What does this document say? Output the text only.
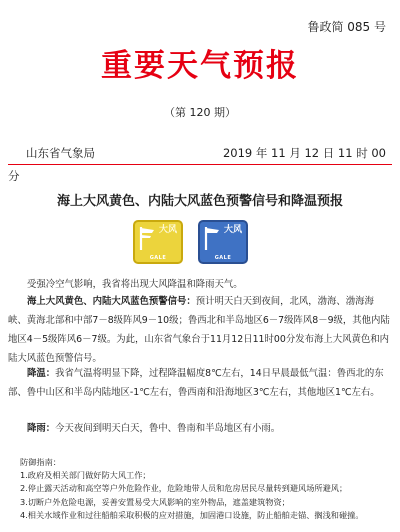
鲁政简 085 号
重要天气预报
（第 120 期）
山东省气象局	2019 年 11 月 12 日 11 时 00
分
海上大风黄色、内陆大风蓝色预警信号和降温预报
大风
GALE
大风
GALE
受强冷空气影响，我省将出现大风降温和降雨天气。
海上大风黄色、内陆大风蓝色预警信号：预计明天白天到夜间，北风，渤海、渤海海峡、黄海北部和中部7－8级阵风9－10级；鲁西北和半岛地区6－7级阵风8－9级，其他内陆地区4－5级阵风6－7级。为此，山东省气象台于11月12日11时00分发布海上大风黄色和内陆大风蓝色预警信号。
降温：我省气温将明显下降，过程降温幅度8℃左右，14日早晨最低气温：鲁西北的东部、鲁中山区和半岛内陆地区-1℃左右，鲁西南和沿海地区3℃左右，其他地区1℃左右。
降雨：今天夜间到明天白天，鲁中、鲁南和半岛地区有小雨。
防御指南：
1.政府及相关部门做好防大风工作；
2.停止露天活动和高空等户外危险作业，危险地带人员和危房居民尽量转到避风场所避风；
3.切断户外危险电源，妥善安置易受大风影响的室外物品，遮盖建筑物资；
4.相关水域作业和过往船舶采取积极的应对措施，加固港口设施，防止船舶走锚、搁浅和碰撞。
